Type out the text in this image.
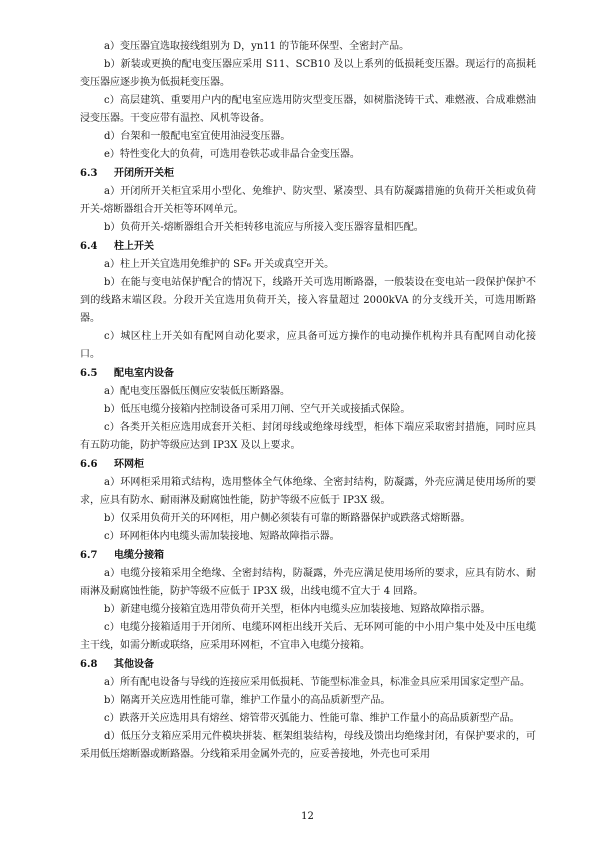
a）变压器宜选取接线组别为 D，yn11 的节能环保型、全密封产品。

b）新装或更换的配电变压器应采用 S11、SCB10 及以上系列的低损耗变压器。现运行的高损耗变压器应逐步换为低损耗变压器。

c）高层建筑、重要用户内的配电室应选用防灾型变压器，如树脂浇铸干式、难燃液、合成难燃油浸变压器。干变应带有温控、风机等设备。

d）台架和一般配电室宜使用油浸变压器。

e）特性变化大的负荷，可选用卷铁芯或非晶合金变压器。

6.3 开闭所开关柜

a）开闭所开关柜宜采用小型化、免维护、防灾型、紧凑型、具有防凝露措施的负荷开关柜或负荷开关-熔断器组合开关柜等环网单元。

b）负荷开关-熔断器组合开关柜转移电流应与所接入变压器容量相匹配。

6.4 柱上开关

a）柱上开关宜选用免维护的 SF₆ 开关或真空开关。

b）在能与变电站保护配合的情况下，线路开关可选用断路器，一般装设在变电站一段保护保护不到的线路末端区段。分段开关宜选用负荷开关，接入容量超过 2000kVA 的分支线开关，可选用断路器。

c）城区柱上开关如有配网自动化要求，应具备可远方操作的电动操作机构并具有配网自动化接口。

6.5 配电室内设备

a）配电变压器低压侧应安装低压断路器。

b）低压电缆分接箱内控制设备可采用刀闸、空气开关或接插式保险。

c）各类开关柜应选用成套开关柜、封闭母线或绝缘母线型，柜体下端应采取密封措施，同时应具有五防功能，防护等级应达到 IP3X 及以上要求。

6.6 环网柜

a）环网柜采用箱式结构，选用整体全气体绝缘、全密封结构，防凝露，外壳应满足使用场所的要求，应具有防水、耐雨淋及耐腐蚀性能，防护等级不应低于 IP3X 级。

b）仅采用负荷开关的环网柜，用户侧必须装有可靠的断路器保护或跌落式熔断器。

c）环网柜体内电缆头需加装接地、短路故障指示器。

6.7 电缆分接箱

a）电缆分接箱采用全绝缘、全密封结构，防凝露，外壳应满足使用场所的要求，应具有防水、耐雨淋及耐腐蚀性能，防护等级不应低于 IP3X 级，出线电缆不宜大于 4 回路。

b）新建电缆分接箱宜选用带负荷开关型，柜体内电缆头应加装接地、短路故障指示器。

c）电缆分接箱适用于开闭所、电缆环网柜出线开关后、无环网可能的中小用户集中处及中压电缆主干线，如需分断或联络，应采用环网柜，不宜串入电缆分接箱。

6.8 其他设备

a）所有配电设备与导线的连接应采用低损耗、节能型标准金具，标准金具应采用国家定型产品。

b）隔离开关应选用性能可靠，维护工作量小的高品质新型产品。

c）跌落开关应选用具有熔丝、熔管带灭弧能力、性能可靠、维护工作量小的高品质新型产品。

d）低压分支箱应采用元件模块拼装、框架组装结构，母线及馈出均绝缘封闭，有保护要求的，可采用低压熔断器或断路器。分线箱采用金属外壳的，应妥善接地，外壳也可采用

12
